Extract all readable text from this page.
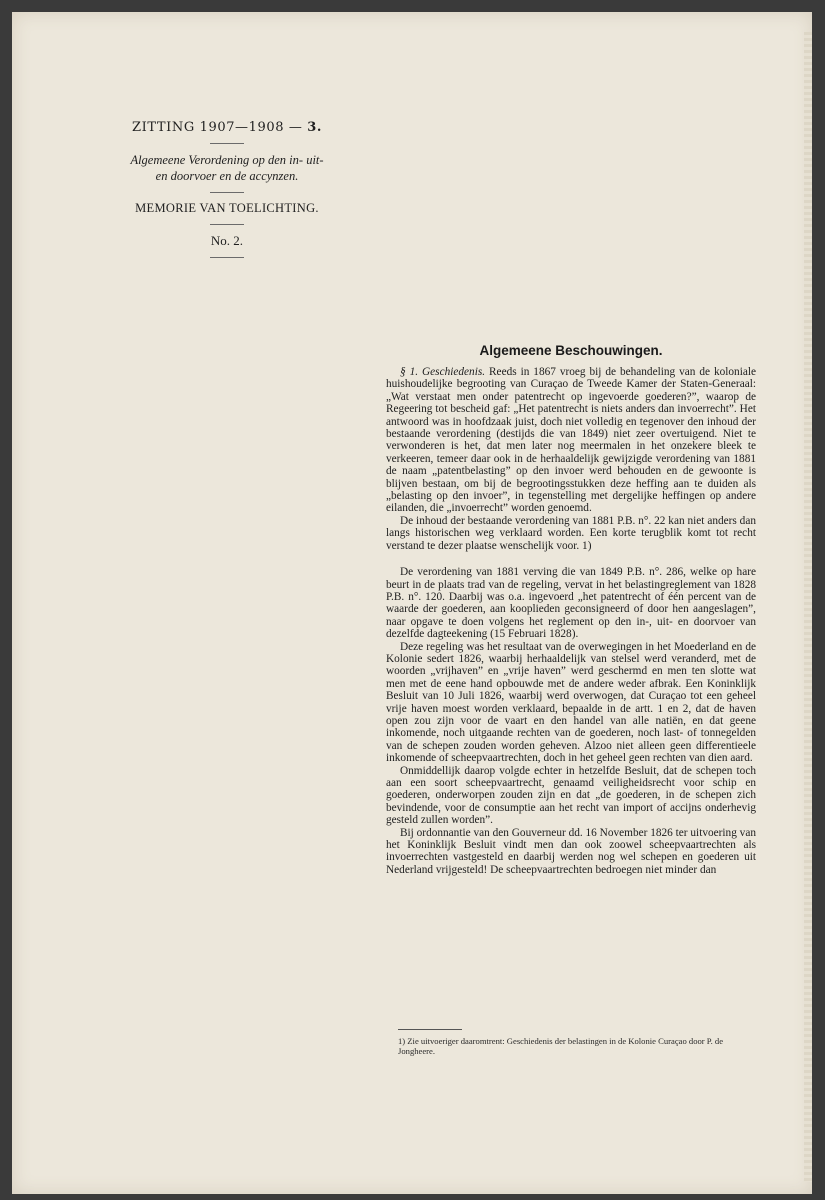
ZITTING 1907—1908 — 3.

Algemeene Verordening op den in- uit-

en doorvoer en de accynzen.

MEMORIE VAN TOELICHTING.

No. 2.

Algemeene Beschouwingen.

§ 1. Geschiedenis. Reeds in 1867 vroeg bij de behandeling van de koloniale huishoudelijke begrooting van Curaçao de Tweede Kamer der Staten-Generaal: „Wat verstaat men onder patentrecht op ingevoerde goederen?”, waarop de Regeering tot bescheid gaf: „Het patentrecht is niets anders dan invoerrecht”. Het antwoord was in hoofdzaak juist, doch niet volledig en tegenover den inhoud der bestaande verordening (destijds die van 1849) niet zeer overtuigend. Niet te verwonderen is het, dat men later nog meermalen in het onzekere bleek te verkeeren, temeer daar ook in de herhaaldelijk gewijzigde verordening van 1881 de naam „patentbelasting” op den invoer werd behouden en de gewoonte is blijven bestaan, om bij de begrootingsstukken deze heffing aan te duiden als „belasting op den invoer”, in tegenstelling met dergelijke heffingen op andere eilanden, die „invoerrecht” worden genoemd.

De inhoud der bestaande verordening van 1881 P.B. n°. 22 kan niet anders dan langs historischen weg verklaard worden. Een korte terugblik komt tot recht verstand te dezer plaatse wenschelijk voor. 1)

De verordening van 1881 verving die van 1849 P.B. n°. 286, welke op hare beurt in de plaats trad van de regeling, vervat in het belastingreglement van 1828 P.B. n°. 120. Daarbij was o.a. ingevoerd „het patentrecht of één percent van de waarde der goederen, aan kooplieden geconsigneerd of door hen aangeslagen”, naar opgave te doen volgens het reglement op den in-, uit- en doorvoer van dezelfde dagteekening (15 Februari 1828).

Deze regeling was het resultaat van de overwegingen in het Moederland en de Kolonie sedert 1826, waarbij herhaaldelijk van stelsel werd veranderd, met de woorden „vrijhaven” en „vrije haven” werd geschermd en men ten slotte wat men met de eene hand opbouwde met de andere weder afbrak. Een Koninklijk Besluit van 10 Juli 1826, waarbij werd overwogen, dat Curaçao tot een geheel vrije haven moest worden verklaard, bepaalde in de artt. 1 en 2, dat de haven open zou zijn voor de vaart en den handel van alle natiën, en dat geene inkomende, noch uitgaande rechten van de goederen, noch last- of tonnegelden van de schepen zouden worden geheven. Alzoo niet alleen geen differentieele inkomende of scheepvaartrechten, doch in het geheel geen rechten van dien aard.

Onmiddellijk daarop volgde echter in hetzelfde Besluit, dat de schepen toch aan een soort scheepvaartrecht, genaamd veiligheidsrecht voor schip en goederen, onderworpen zouden zijn en dat „de goederen, in de schepen zich bevindende, voor de consumptie aan het recht van import of accijns onderhevig gesteld zullen worden”.

Bij ordonnantie van den Gouverneur dd. 16 November 1826 ter uitvoering van het Koninklijk Besluit vindt men dan ook zoowel scheepvaartrechten als invoerrechten vastgesteld en daarbij werden nog wel schepen en goederen uit Nederland vrijgesteld! De scheepvaartrechten bedroegen niet minder dan

1) Zie uitvoeriger daaromtrent: Geschiedenis der belastingen in de Kolonie Curaçao door P. de Jongheere.
